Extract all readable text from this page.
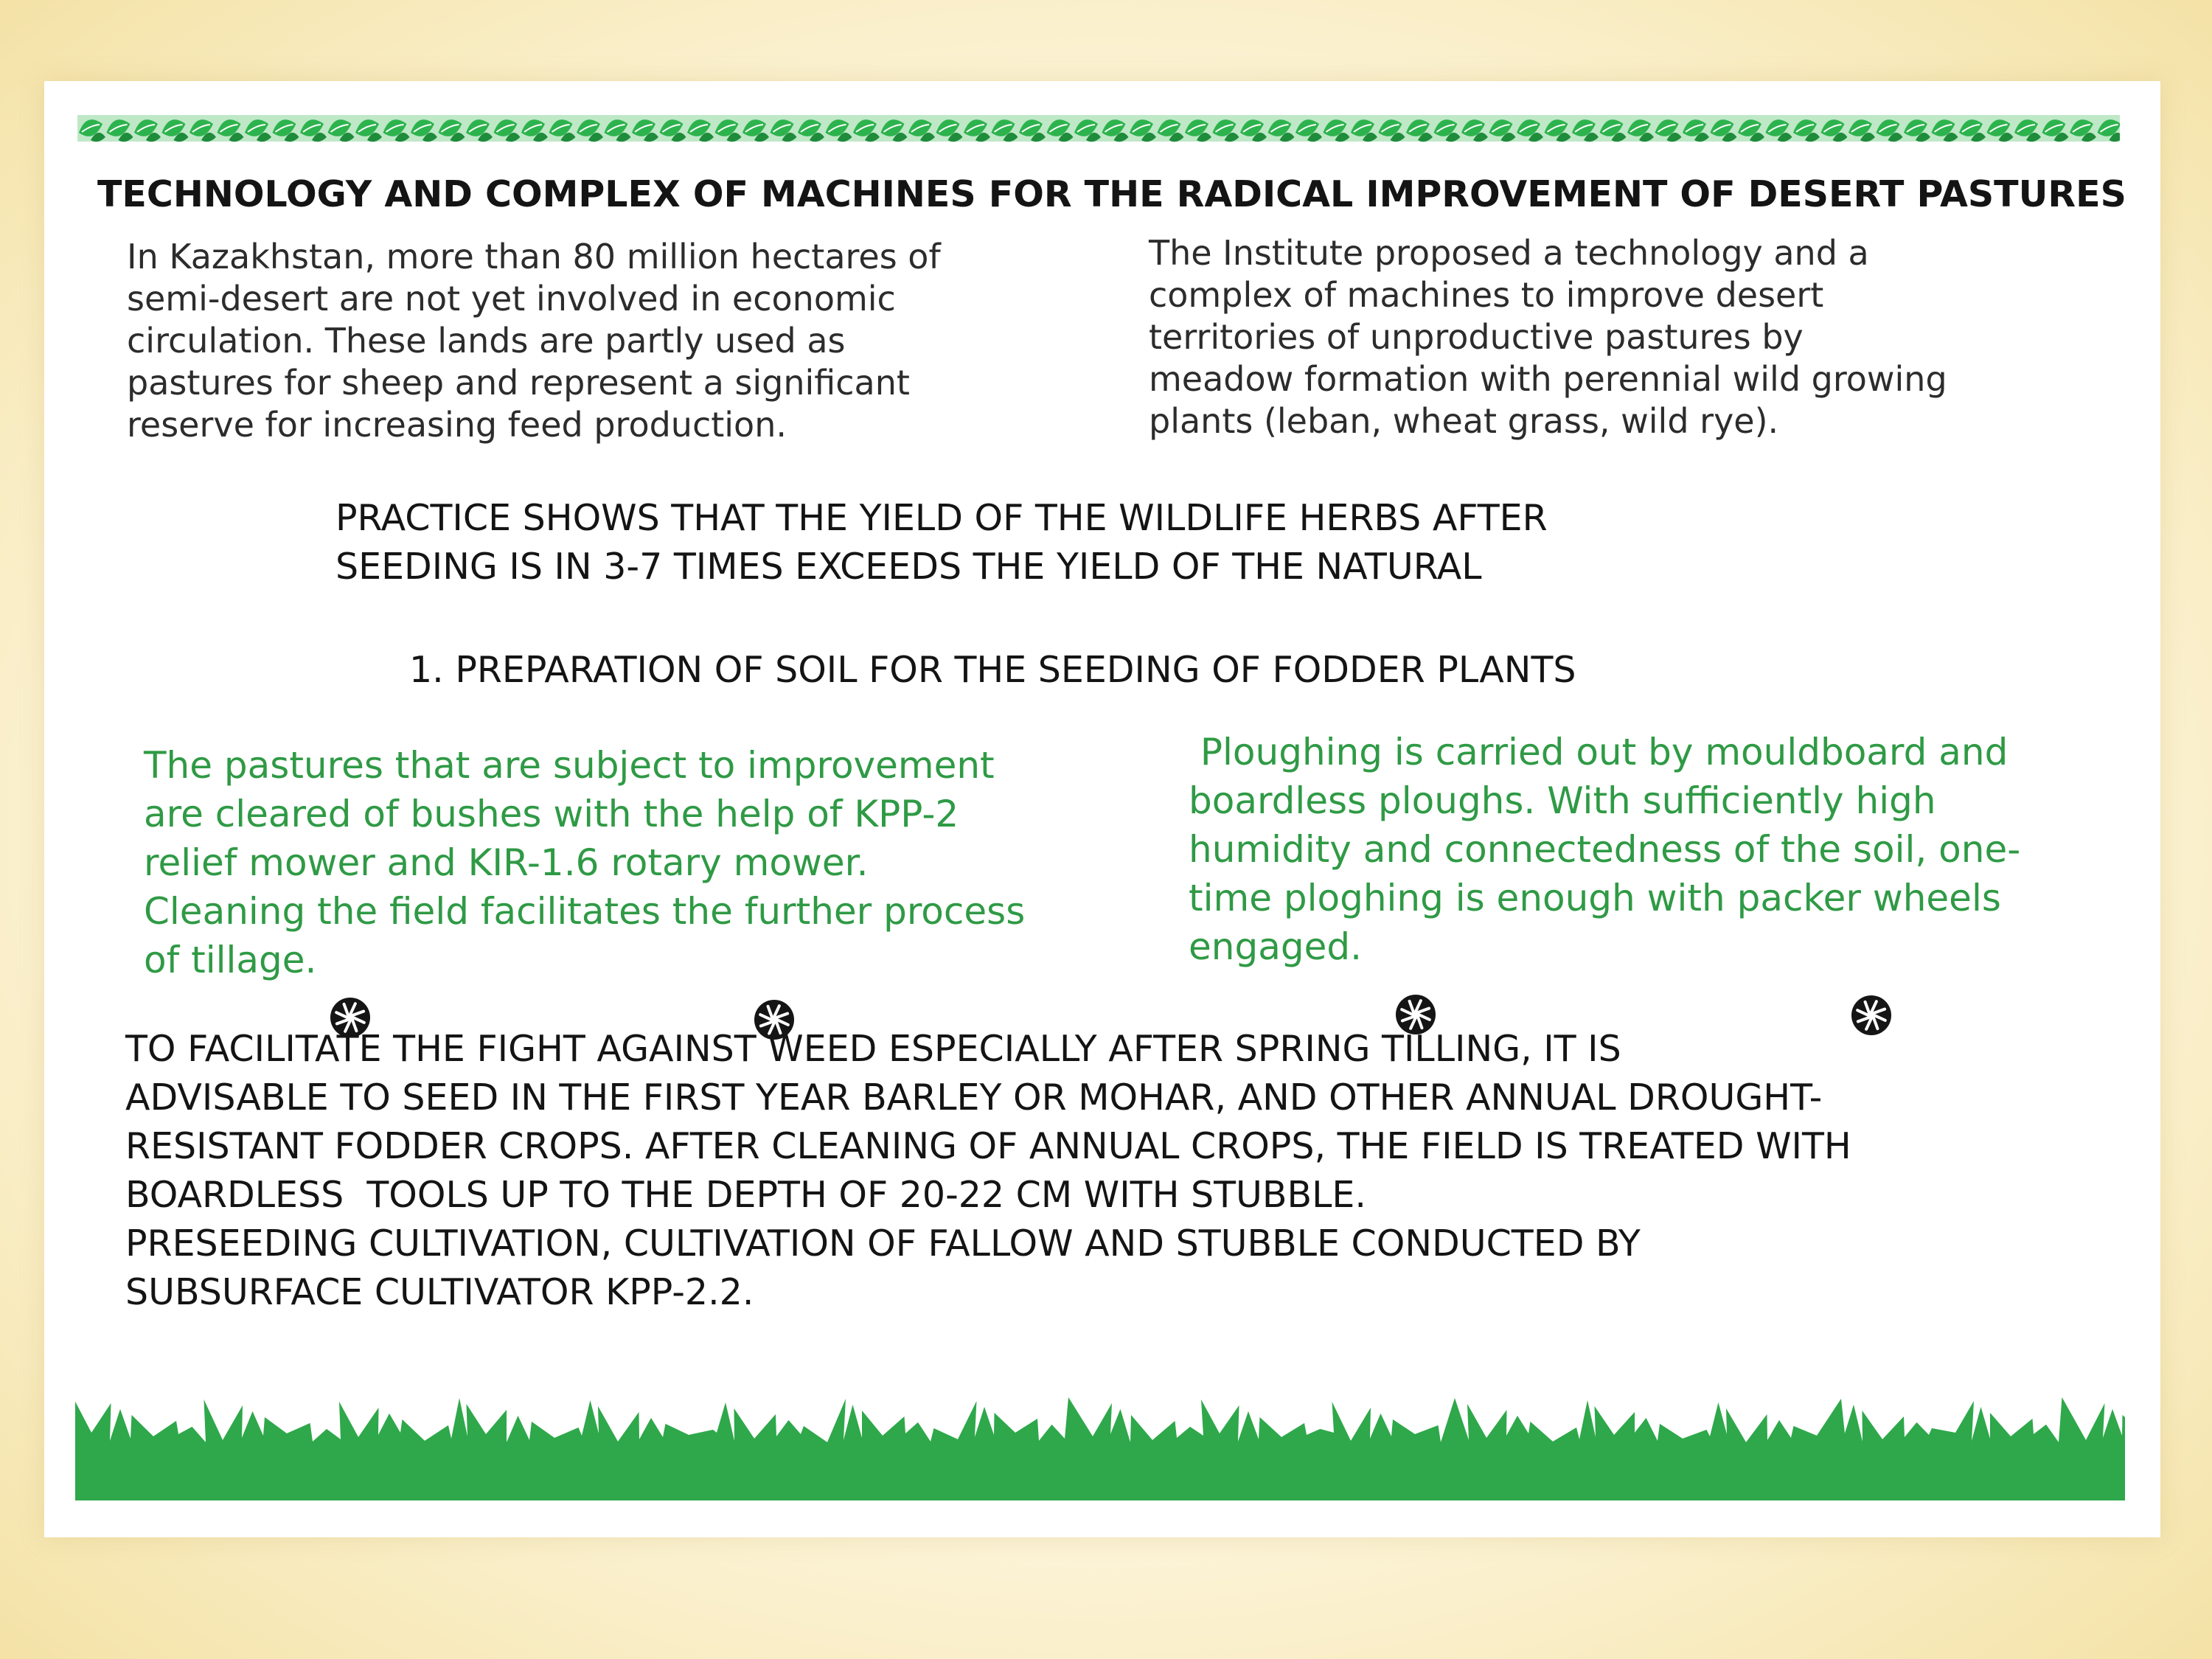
TECHNOLOGY AND COMPLEX OF MACHINES FOR THE RADICAL IMPROVEMENT OF DESERT PASTURES
In Kazakhstan, more than 80 million hectares of
semi-desert are not yet involved in economic
circulation. These lands are partly used as
pastures for sheep and represent a significant
reserve for increasing feed production.
The Institute proposed a technology and a
complex of machines to improve desert
territories of unproductive pastures by
meadow formation with perennial wild growing
plants (leban, wheat grass, wild rye).
PRACTICE SHOWS THAT THE YIELD OF THE WILDLIFE HERBS AFTER
SEEDING IS IN 3-7 TIMES EXCEEDS THE YIELD OF THE NATURAL
1. PREPARATION OF SOIL FOR THE SEEDING OF FODDER PLANTS
The pastures that are subject to improvement
are cleared of bushes with the help of KPP-2
relief mower and KIR-1.6 rotary mower.
Cleaning the field facilitates the further process
of tillage.
Ploughing is carried out by mouldboard and
boardless ploughs. With sufficiently high
humidity and connectedness of the soil, one-
time ploghing is enough with packer wheels
engaged.
TO FACILITATE THE FIGHT AGAINST WEED ESPECIALLY AFTER SPRING TILLING, IT IS
ADVISABLE TO SEED IN THE FIRST YEAR BARLEY OR MOHAR, AND OTHER ANNUAL DROUGHT-
RESISTANT FODDER CROPS. AFTER CLEANING OF ANNUAL CROPS, THE FIELD IS TREATED WITH
BOARDLESS  TOOLS UP TO THE DEPTH OF 20-22 CM WITH STUBBLE.
PRESEEDING CULTIVATION, CULTIVATION OF FALLOW AND STUBBLE CONDUCTED BY
SUBSURFACE CULTIVATOR KPP-2.2.
